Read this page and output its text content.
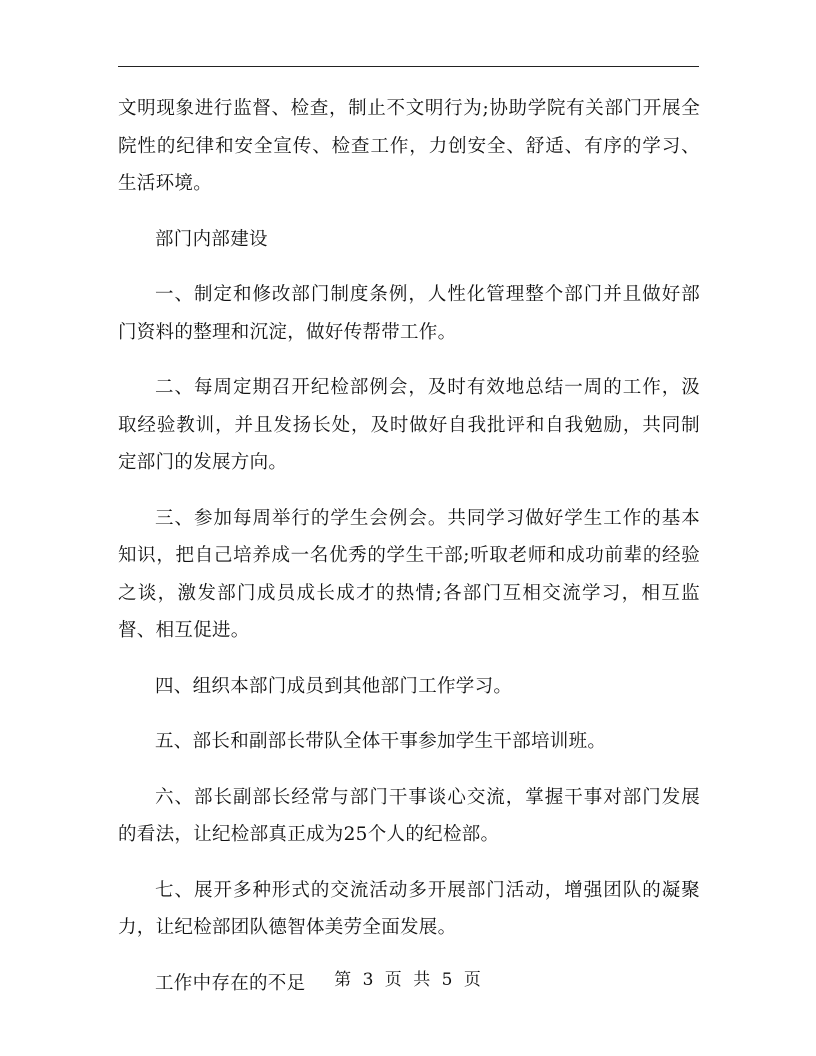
文明现象进行监督、检查，制止不文明行为;协助学院有关部门开展全院性的纪律和安全宣传、检查工作，力创安全、舒适、有序的学习、生活环境。

部门内部建设

一、制定和修改部门制度条例，人性化管理整个部门并且做好部门资料的整理和沉淀，做好传帮带工作。

二、每周定期召开纪检部例会，及时有效地总结一周的工作，汲取经验教训，并且发扬长处，及时做好自我批评和自我勉励，共同制定部门的发展方向。

三、参加每周举行的学生会例会。共同学习做好学生工作的基本知识，把自己培养成一名优秀的学生干部;听取老师和成功前辈的经验之谈，激发部门成员成长成才的热情;各部门互相交流学习，相互监督、相互促进。

四、组织本部门成员到其他部门工作学习。

五、部长和副部长带队全体干事参加学生干部培训班。

六、部长副部长经常与部门干事谈心交流，掌握干事对部门发展的看法，让纪检部真正成为25个人的纪检部。

七、展开多种形式的交流活动多开展部门活动，增强团队的凝聚力，让纪检部团队德智体美劳全面发展。

工作中存在的不足	第 3 页 共 5 页
